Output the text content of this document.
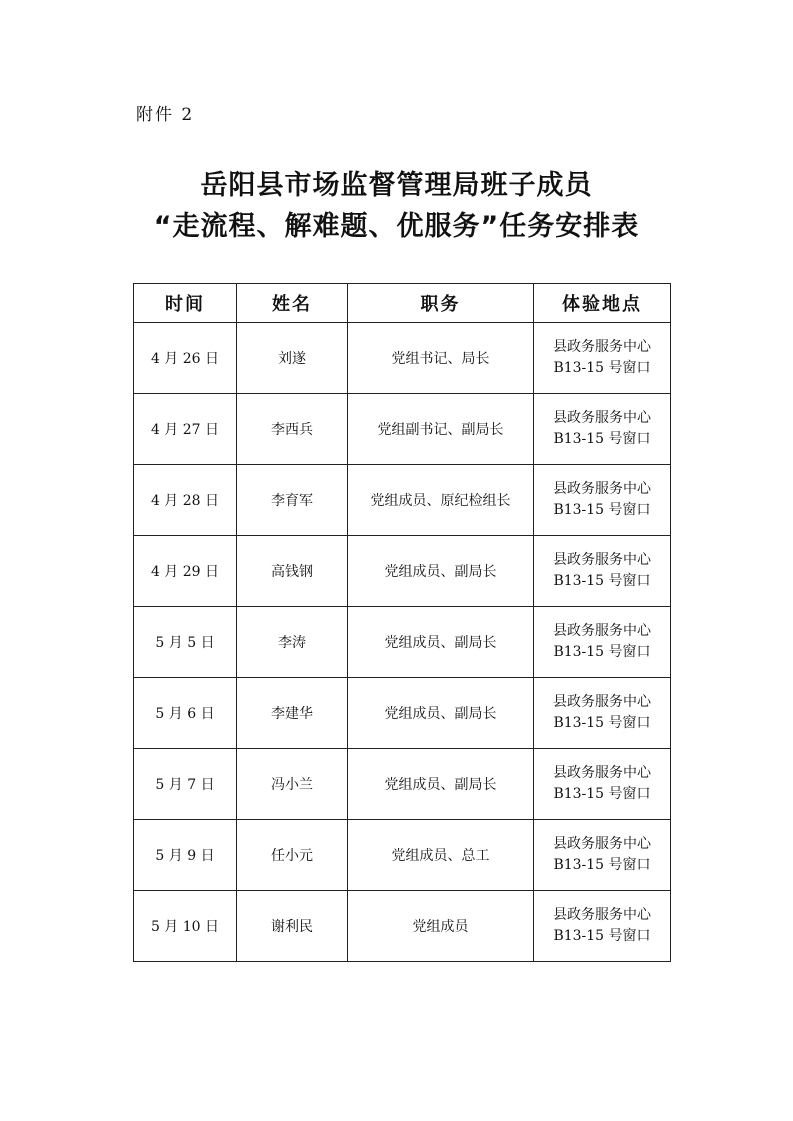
附件 2
岳阳县市场监督管理局班子成员
“走流程、解难题、优服务”任务安排表
时间	姓名	职务	体验地点
4 月 26 日	刘遂	党组书记、局长	县政务服务中心
B13-15 号窗口

4 月 27 日	李西兵	党组副书记、副局长	县政务服务中心
B13-15 号窗口

4 月 28 日	李育军	党组成员、原纪检组长	县政务服务中心
B13-15 号窗口

4 月 29 日	高钱钢	党组成员、副局长	县政务服务中心
B13-15 号窗口

5 月 5 日	李涛	党组成员、副局长	县政务服务中心
B13-15 号窗口

5 月 6 日	李建华	党组成员、副局长	县政务服务中心
B13-15 号窗口

5 月 7 日	冯小兰	党组成员、副局长	县政务服务中心
B13-15 号窗口

5 月 9 日	任小元	党组成员、总工	县政务服务中心
B13-15 号窗口

5 月 10 日	谢利民	党组成员	县政务服务中心
B13-15 号窗口
